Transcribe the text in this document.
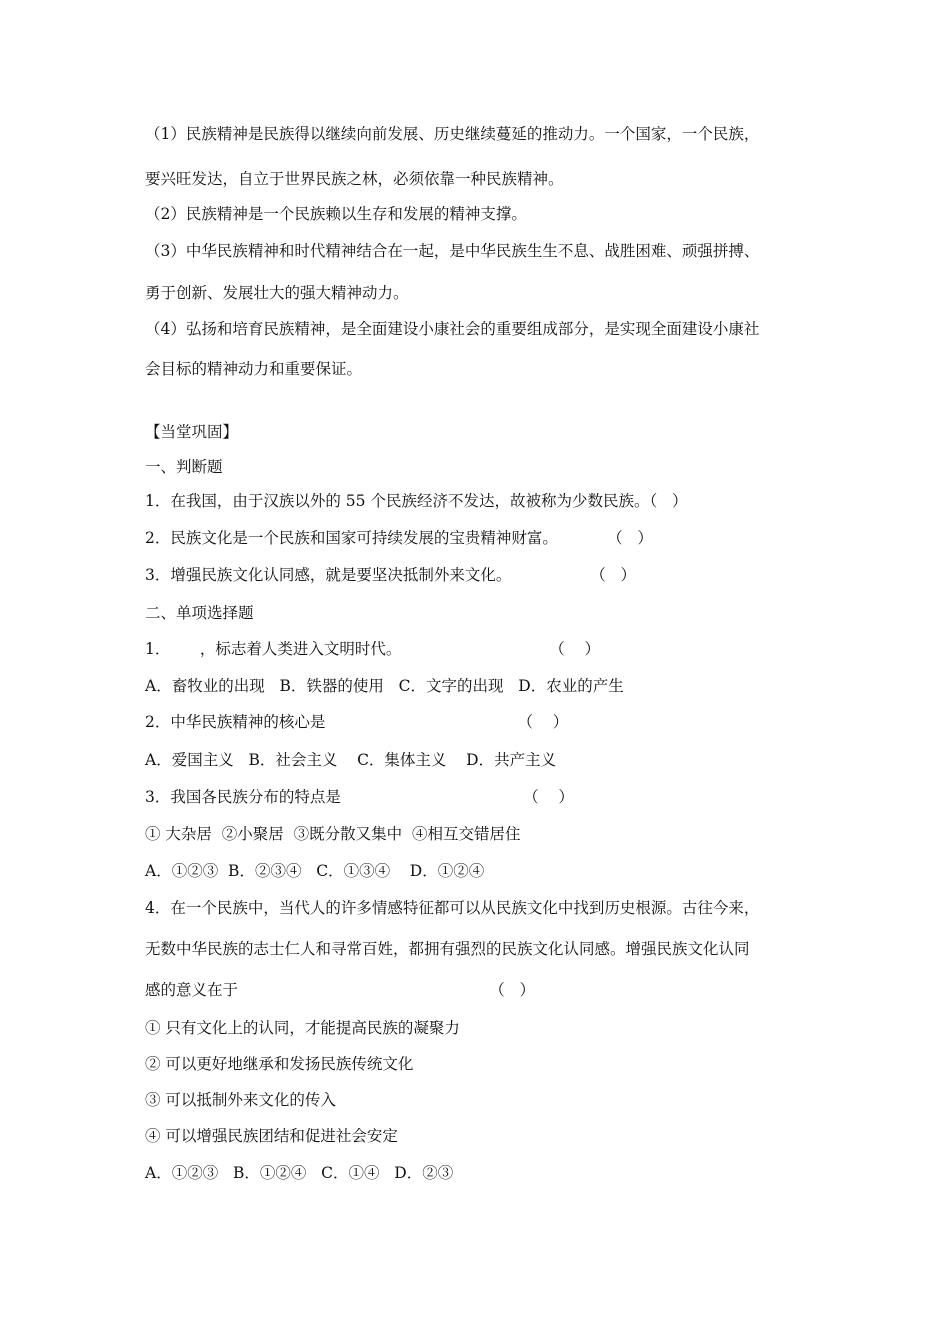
（1）民族精神是民族得以继续向前发展、历史继续蔓延的推动力。一个国家，一个民族，
要兴旺发达，自立于世界民族之林，必须依靠一种民族精神。
（2）民族精神是一个民族赖以生存和发展的精神支撑。
（3）中华民族精神和时代精神结合在一起，是中华民族生生不息、战胜困难、顽强拼搏、
勇于创新、发展壮大的强大精神动力。
（4）弘扬和培育民族精神，是全面建设小康社会的重要组成部分，是实现全面建设小康社
会目标的精神动力和重要保证。
【当堂巩固】
一、判断题
1．在我国，由于汉族以外的 55 个民族经济不发达，故被称为少数民族。（   ）
2．民族文化是一个民族和国家可持续发展的宝贵精神财富。          （   ）
3．增强民族文化认同感，就是要坚决抵制外来文化。                （   ）
二、单项选择题
1．      ，标志着人类进入文明时代。                              （    ）
A．畜牧业的出现   B．铁器的使用   C．文字的出现   D．农业的产生
2．中华民族精神的核心是                                       （    ）
A．爱国主义   B．社会主义    C．集体主义    D．共产主义
3．我国各民族分布的特点是                                     （    ）
① 大杂居  ②小聚居  ③既分散又集中  ④相互交错居住
A．①②③  B．②③④   C．①③④    D．①②④
4．在一个民族中，当代人的许多情感特征都可以从民族文化中找到历史根源。古往今来，
无数中华民族的志士仁人和寻常百姓，都拥有强烈的民族文化认同感。增强民族文化认同
感的意义在于                                                   （   ）
① 只有文化上的认同，才能提高民族的凝聚力
② 可以更好地继承和发扬民族传统文化
③ 可以抵制外来文化的传入
④ 可以增强民族团结和促进社会安定
A．①②③   B．①②④   C．①④   D．②③
